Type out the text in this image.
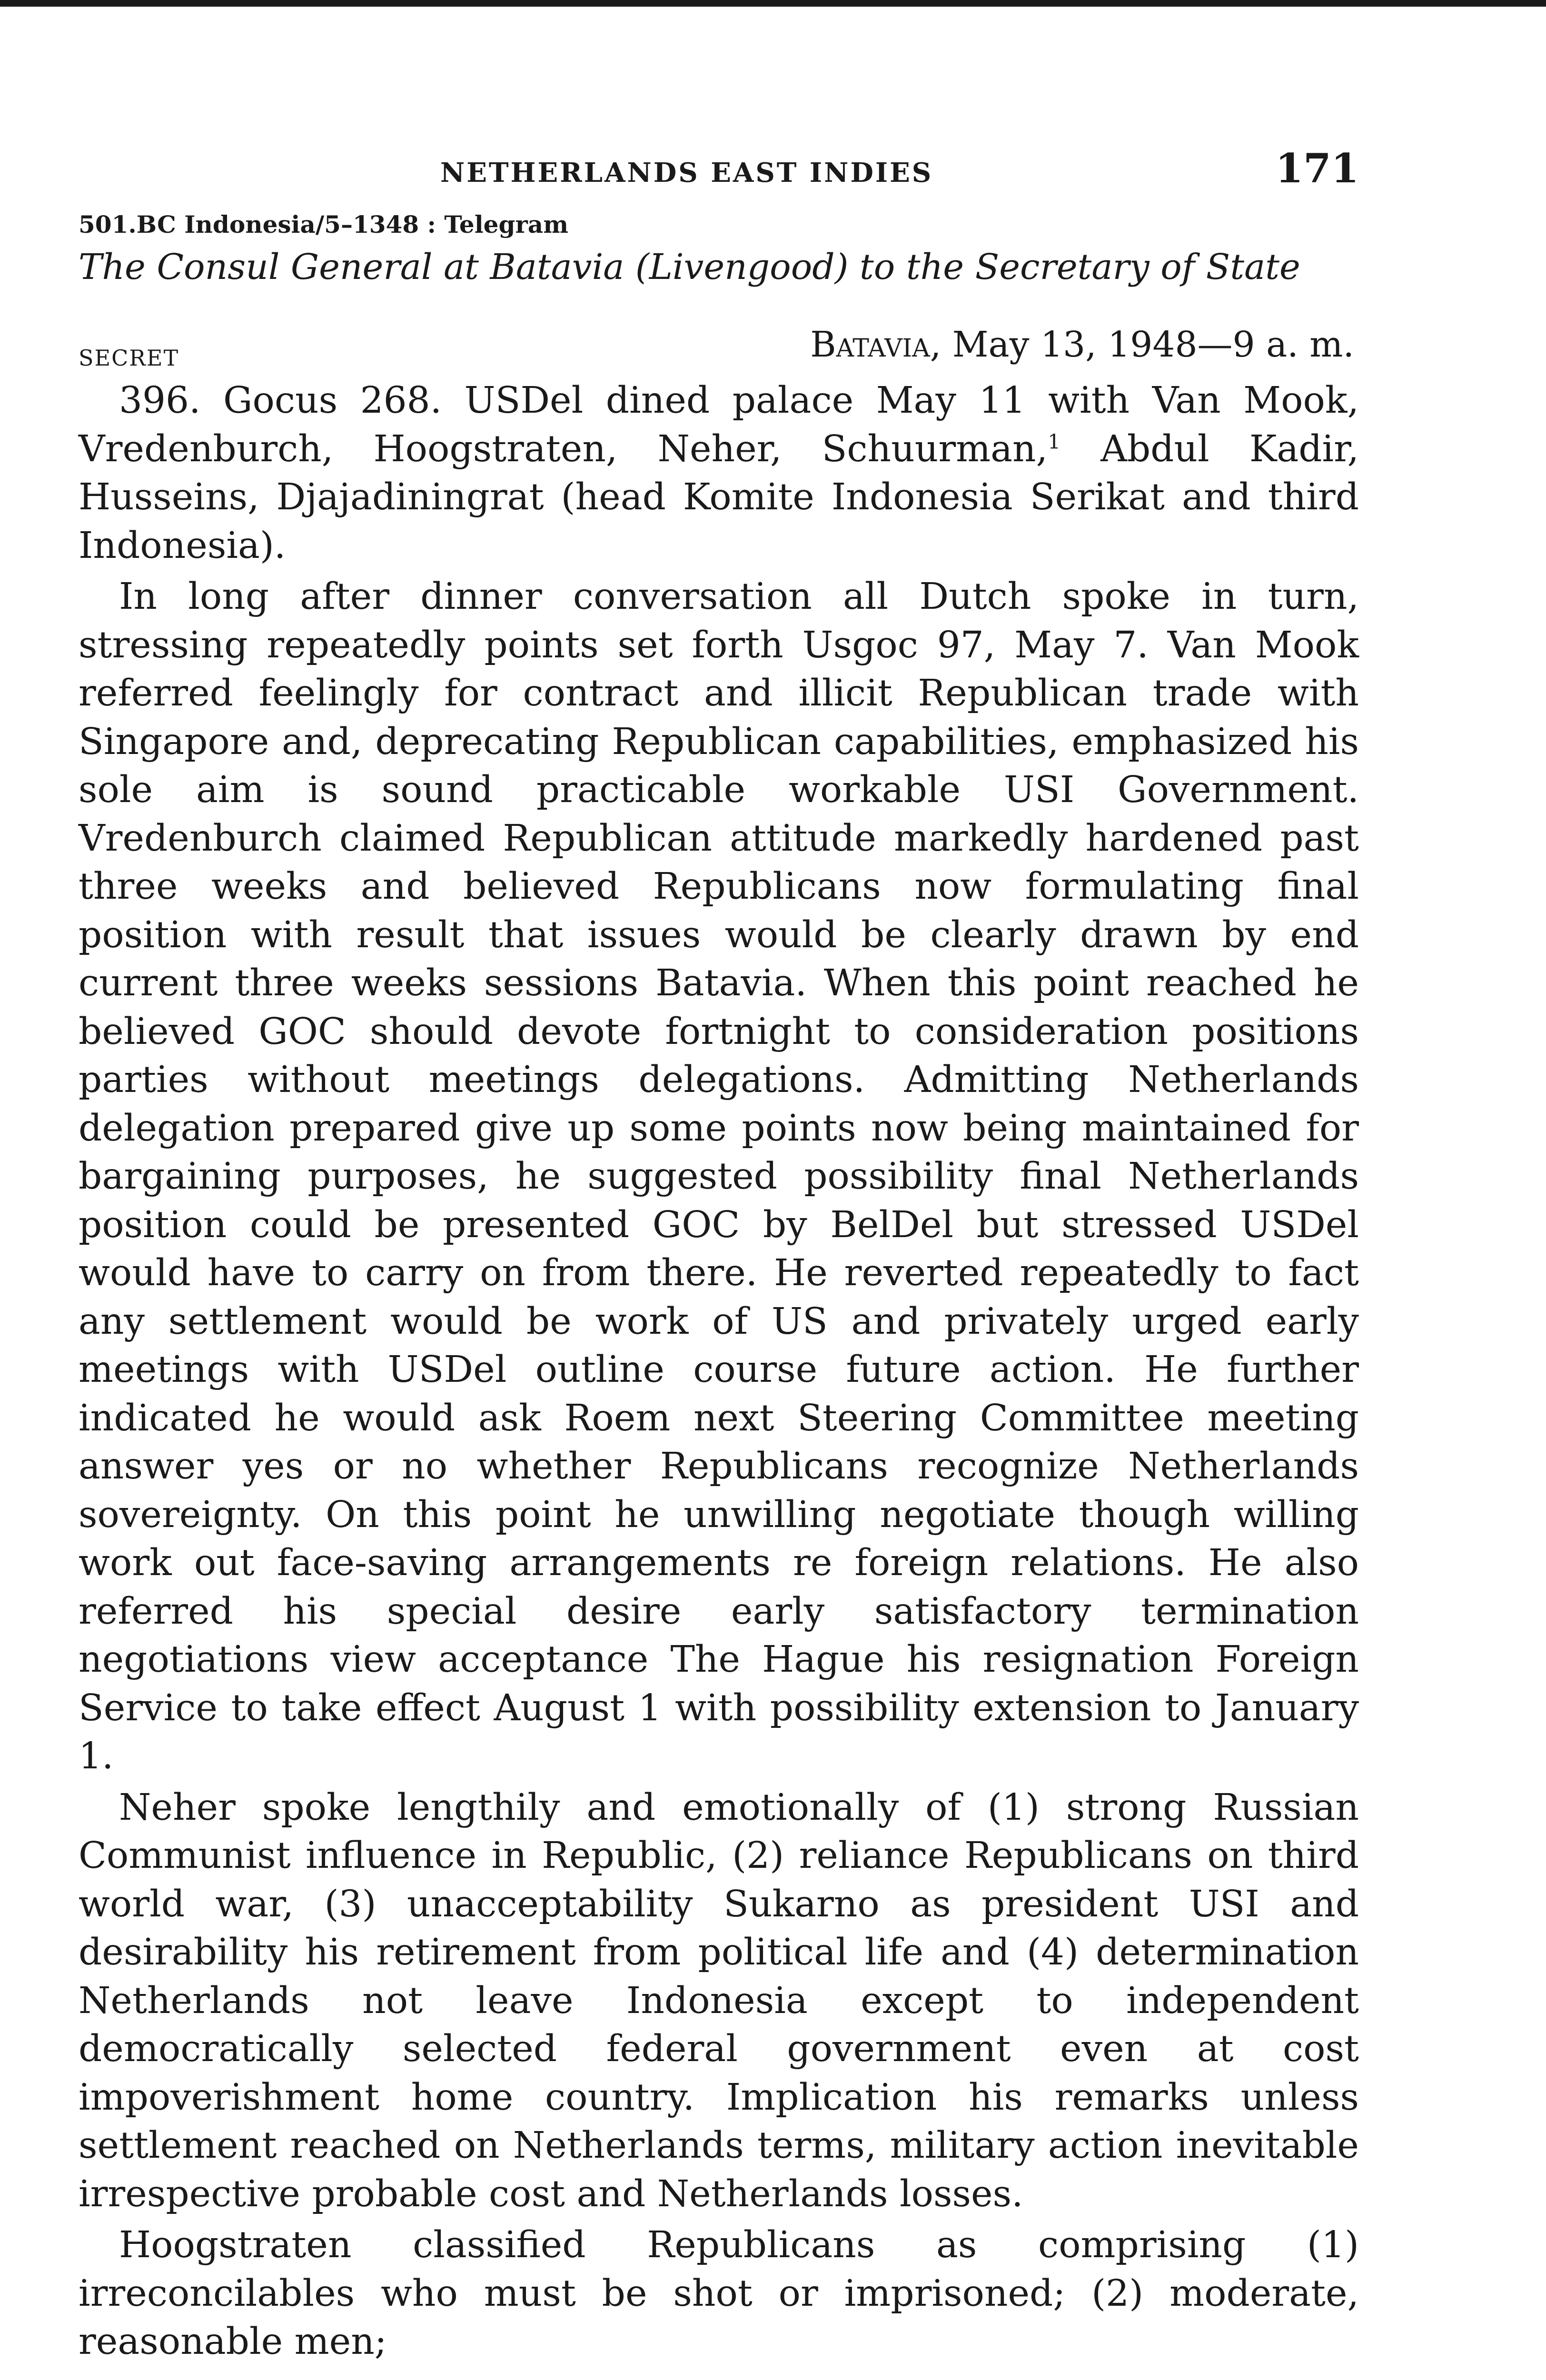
NETHERLANDS EAST INDIES	171
501.BC Indonesia/5–1348 : Telegram
The Consul General at Batavia (Livengood) to the Secretary of State
SECRET	Batavia, May 13, 1948—9 a. m.

396. Gocus 268. USDel dined palace May 11 with Van Mook, Vredenburch, Hoogstraten, Neher, Schuurman,$^1$ Abdul Kadir, Husseins, Djajadiningrat (head Komite Indonesia Serikat and third Indonesia).

In long after dinner conversation all Dutch spoke in turn, stressing repeatedly points set forth Usgoc 97, May 7. Van Mook referred feelingly for contract and illicit Republican trade with Singapore and, deprecating Republican capabilities, emphasized his sole aim is sound practicable workable USI Government. Vredenburch claimed Republican attitude markedly hardened past three weeks and believed Republicans now formulating final position with result that issues would be clearly drawn by end current three weeks sessions Batavia. When this point reached he believed GOC should devote fortnight to consideration positions parties without meetings delegations. Admitting Netherlands delegation prepared give up some points now being maintained for bargaining purposes, he suggested possibility final Netherlands position could be presented GOC by BelDel but stressed USDel would have to carry on from there. He reverted repeatedly to fact any settlement would be work of US and privately urged early meetings with USDel outline course future action. He further indicated he would ask Roem next Steering Committee meeting answer yes or no whether Republicans recognize Netherlands sovereignty. On this point he unwilling negotiate though willing work out face-saving arrangements re foreign relations. He also referred his special desire early satisfactory termination negotiations view acceptance The Hague his resignation Foreign Service to take effect August 1 with possibility extension to January 1.

Neher spoke lengthily and emotionally of (1) strong Russian Communist influence in Republic, (2) reliance Republicans on third world war, (3) unacceptability Sukarno as president USI and desirability his retirement from political life and (4) determination Netherlands not leave Indonesia except to independent democratically selected federal government even at cost impoverishment home country. Implication his remarks unless settlement reached on Netherlands terms, military action inevitable irrespective probable cost and Netherlands losses.

Hoogstraten classified Republicans as comprising (1) irreconcilables who must be shot or imprisoned; (2) moderate, reasonable men;
